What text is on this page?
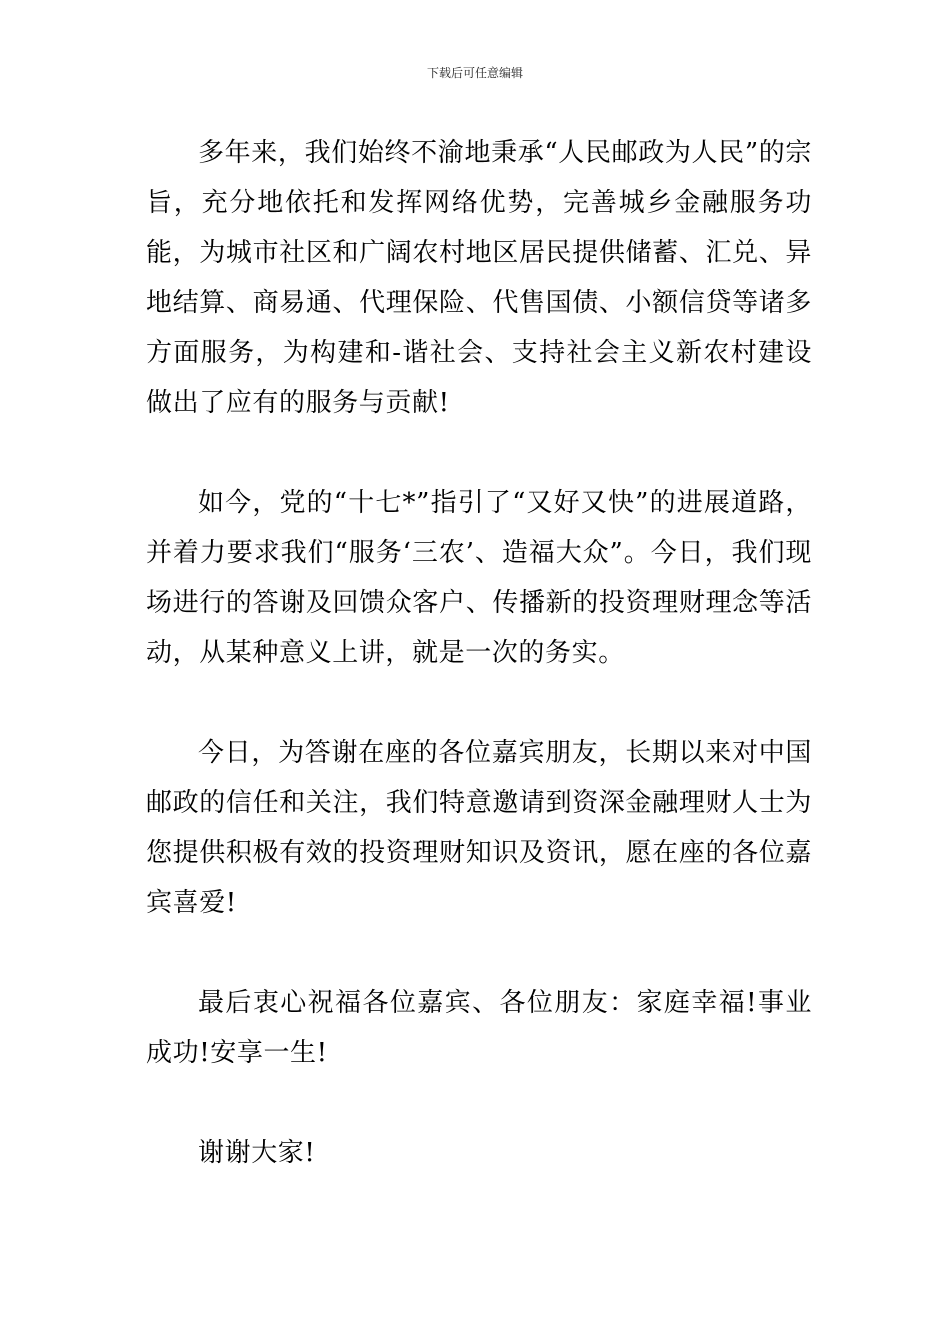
下载后可任意编辑

多年来，我们始终不渝地秉承“人民邮政为人民”的宗旨，充分地依托和发挥网络优势，完善城乡金融服务功能，为城市社区和广阔农村地区居民提供储蓄、汇兑、异地结算、商易通、代理保险、代售国债、小额信贷等诸多方面服务，为构建和-谐社会、支持社会主义新农村建设做出了应有的服务与贡献!

如今，党的“十七*”指引了“又好又快”的进展道路，并着力要求我们“服务‘三农’、造福大众”。今日，我们现场进行的答谢及回馈众客户、传播新的投资理财理念等活动，从某种意义上讲，就是一次的务实。

今日，为答谢在座的各位嘉宾朋友，长期以来对中国邮政的信任和关注，我们特意邀请到资深金融理财人士为您提供积极有效的投资理财知识及资讯，愿在座的各位嘉宾喜爱!

最后衷心祝福各位嘉宾、各位朋友：家庭幸福!事业成功!安享一生!

谢谢大家!
